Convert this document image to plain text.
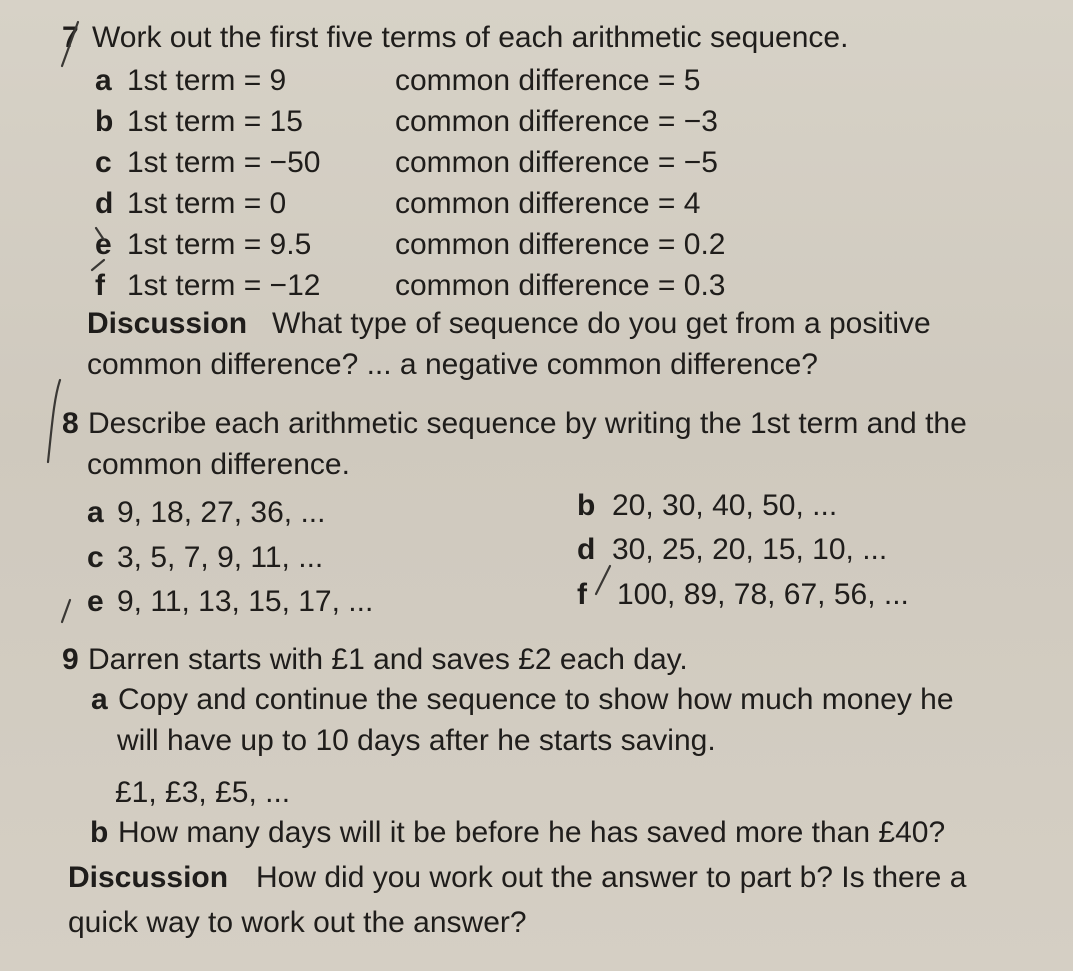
7 Work out the first five terms of each arithmetic sequence.
a 1st term = 9	common difference = 5
b 1st term = 15	common difference = −3
c 1st term = −50 common difference = −5
d 1st term = 0	common difference = 4
e 1st term = 9.5	common difference = 0.2
f 1st term = −12 common difference = 0.3
Discussion What type of sequence do you get from a positive
common difference? ... a negative common difference?
8 Describe each arithmetic sequence by writing the 1st term and the
common difference.
a 9, 18, 27, 36, ...	b 20, 30, 40, 50, ...
c 3, 5, 7, 9, 11, ...	d 30, 25, 20, 15, 10, ...
e 9, 11, 13, 15, 17, ...	f 100, 89, 78, 67, 56, ...
9 Darren starts with £1 and saves £2 each day.
a Copy and continue the sequence to show how much money he
will have up to 10 days after he starts saving.
£1, £3, £5, ...
b How many days will it be before he has saved more than £40?
Discussion How did you work out the answer to part b? Is there a
quick way to work out the answer?
